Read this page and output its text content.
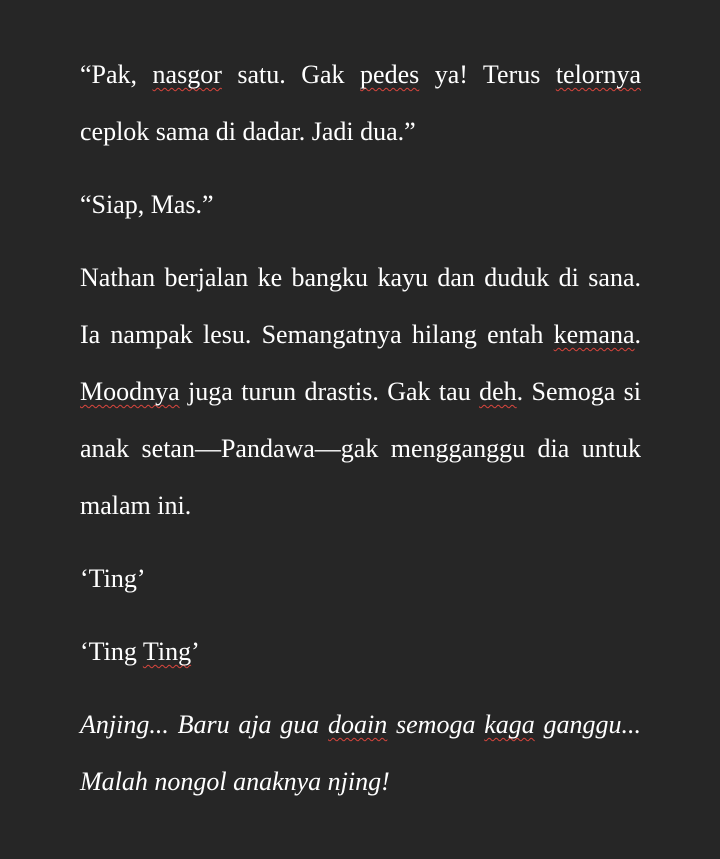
“Pak, nasgor satu. Gak pedes ya! Terus telornya ceplok sama di dadar. Jadi dua.”

“Siap, Mas.”

Nathan berjalan ke bangku kayu dan duduk di sana. Ia nampak lesu. Semangatnya hilang entah kemana. Moodnya juga turun drastis. Gak tau deh. Semoga si anak setan—Pandawa—gak mengganggu dia untuk malam ini.

‘Ting’

‘Ting Ting’

Anjing... Baru aja gua doain semoga kaga ganggu... Malah nongol anaknya njing!
